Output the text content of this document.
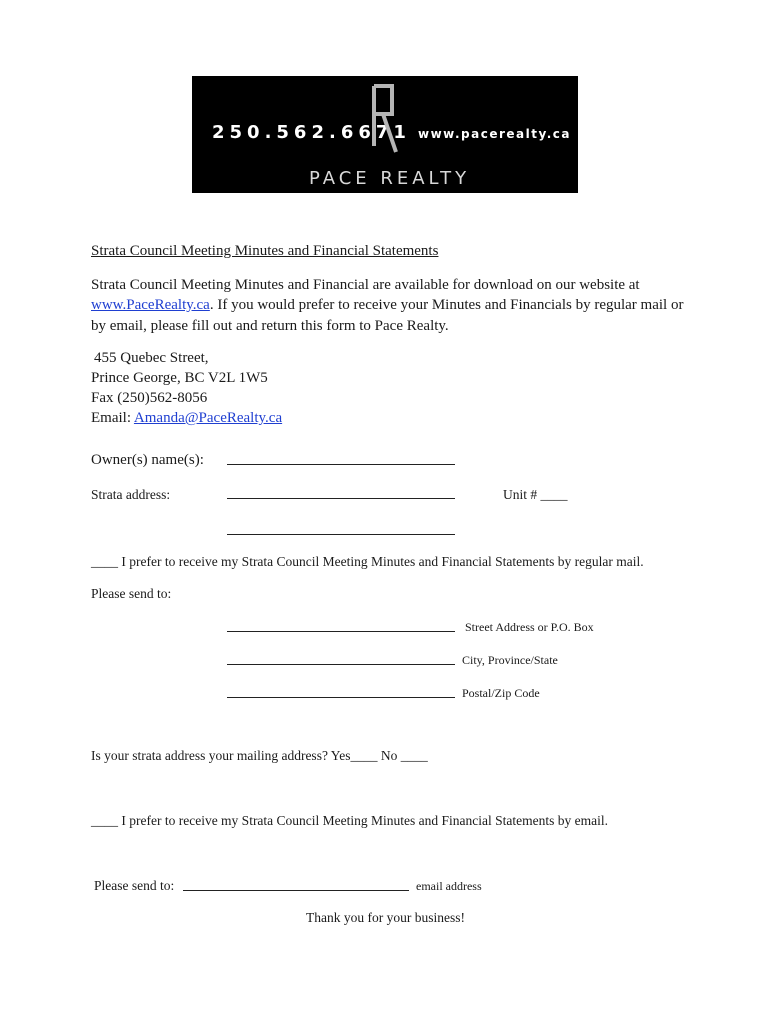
250.562.6671 www.pacerealty.ca
PACE REALTY
Strata Council Meeting Minutes and Financial Statements
Strata Council Meeting Minutes and Financial are available for download on our website at
www.PaceRealty.ca. If you would prefer to receive your Minutes and Financials by regular mail or
by email, please fill out and return this form to Pace Realty.
455 Quebec Street,
Prince George, BC V2L 1W5
Fax (250)562-8056
Email: Amanda@PaceRealty.ca
Owner(s) name(s):
Strata address:	Unit # ____
____ I prefer to receive my Strata Council Meeting Minutes and Financial Statements by regular mail.
Please send to:
Street Address or P.O. Box
City, Province/State
Postal/Zip Code
Is your strata address your mailing address? Yes____ No ____
____ I prefer to receive my Strata Council Meeting Minutes and Financial Statements by email.
Please send to:	email address
Thank you for your business!
